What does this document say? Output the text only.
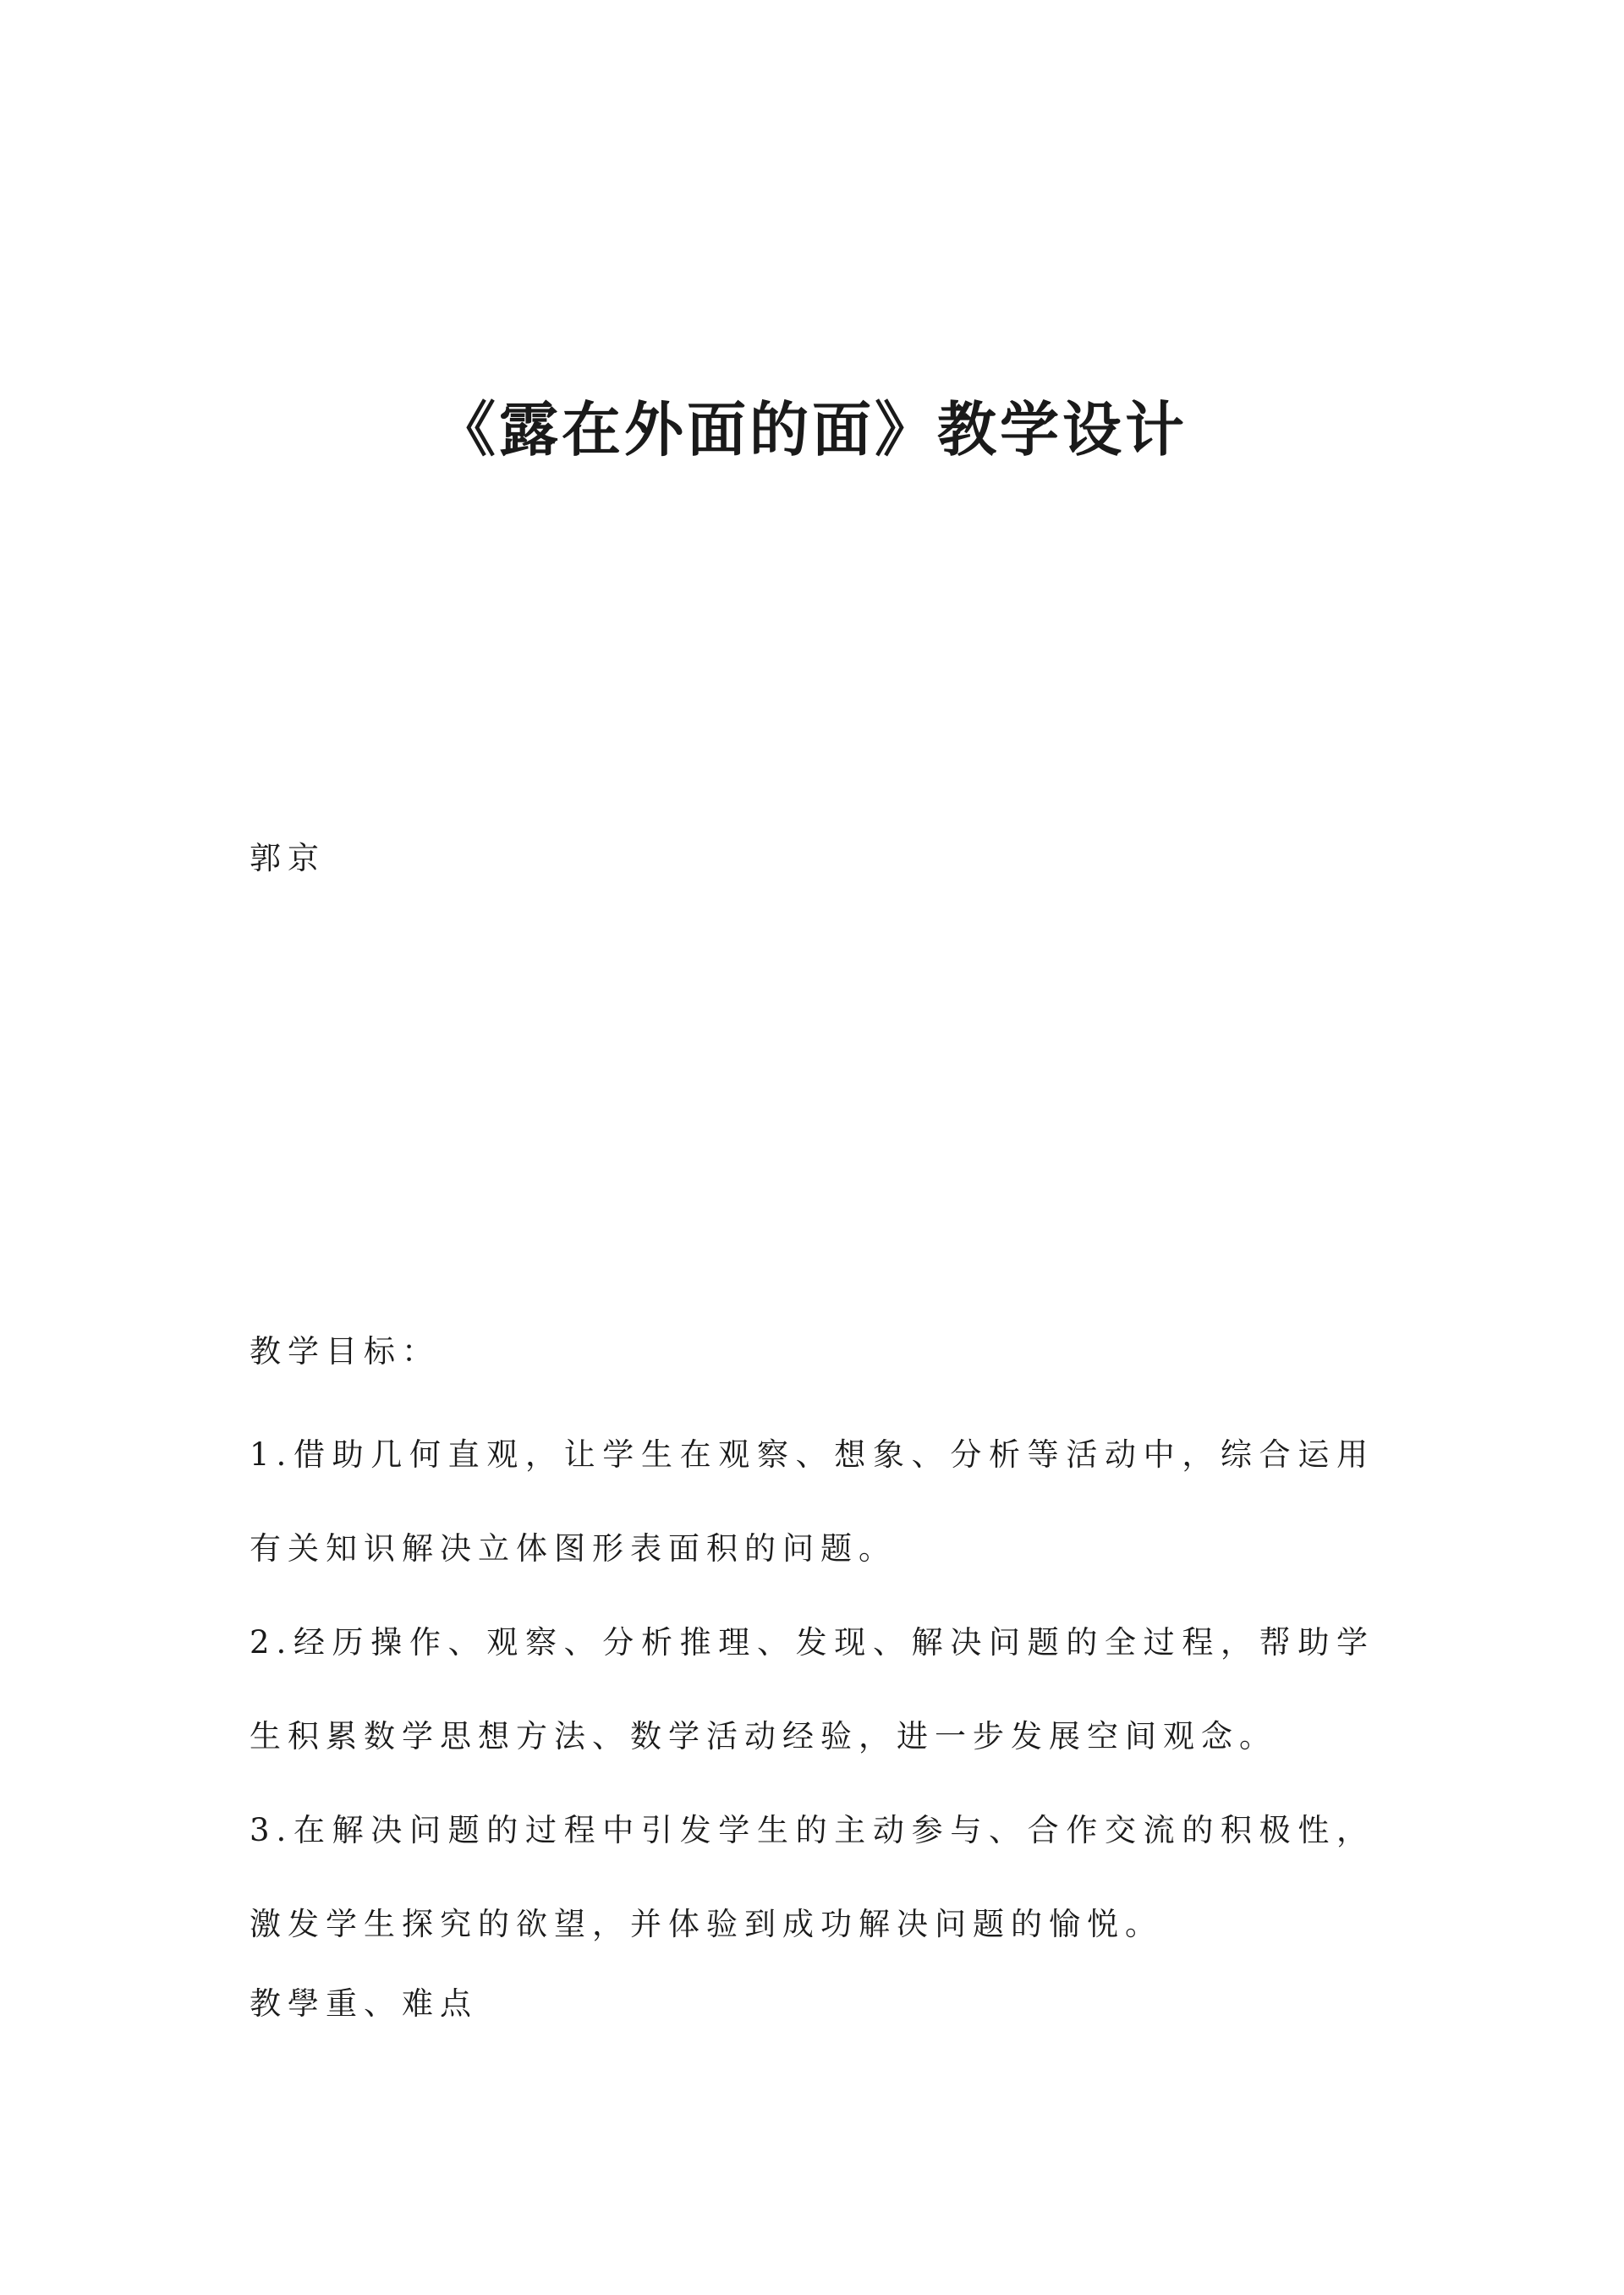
《露在外面的面》教学设计
郭京
教学目标：
1.借助几何直观，让学生在观察、想象、分析等活动中，综合运用有关知识解决立体图形表面积的问题。
2.经历操作、观察、分析推理、发现、解决问题的全过程，帮助学生积累数学思想方法、数学活动经验，进一步发展空间观念。
3.在解决问题的过程中引发学生的主动参与、合作交流的积极性，激发学生探究的欲望，并体验到成功解决问题的愉悦。
教學重、难点
